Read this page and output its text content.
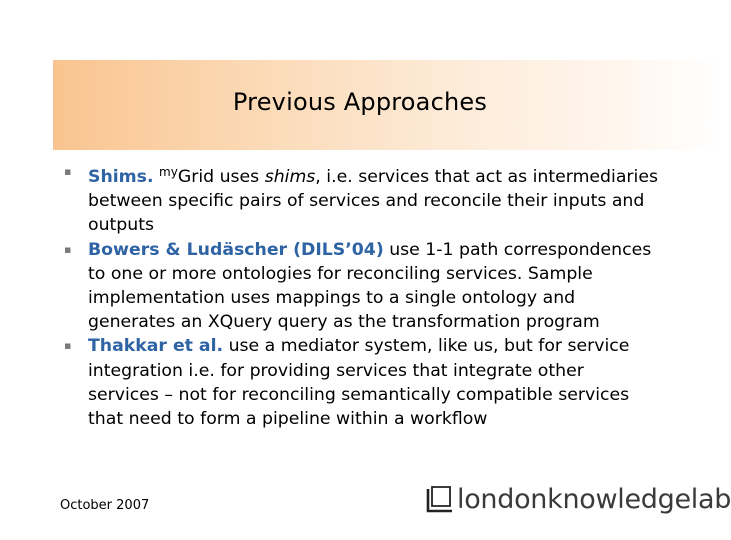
Previous Approaches
▪ Shims. $^{my}$Grid uses shims, i.e. services that act as intermediaries between specific pairs of services and reconcile their inputs and outputs
▪ Bowers & Ludäscher (DILS’04) use 1-1 path correspondences to one or more ontologies for reconciling services. Sample implementation uses mappings to a single ontology and generates an XQuery query as the transformation program
▪ Thakkar et al. use a mediator system, like us, but for service integration i.e. for providing services that integrate other services – not for reconciling semantically compatible services that need to form a pipeline within a workflow
October 2007	londonknowledgelab
